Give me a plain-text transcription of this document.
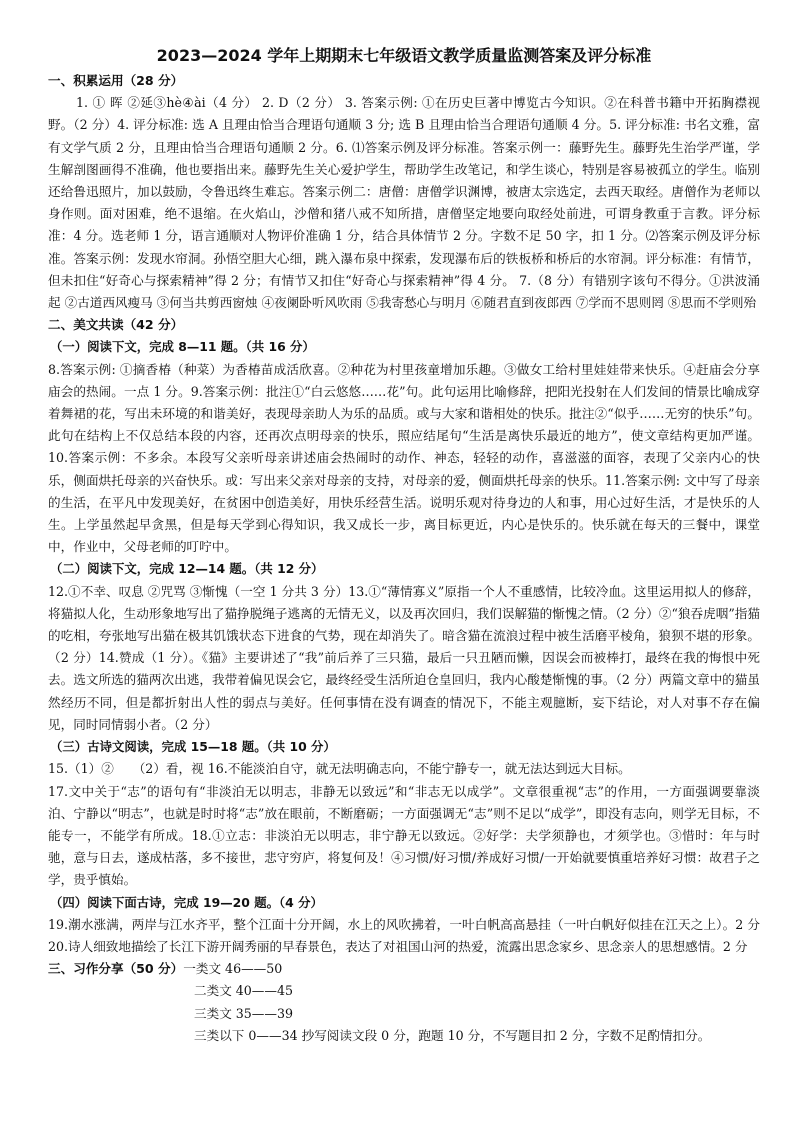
2023—2024 学年上期期末七年级语文教学质量监测答案及评分标准
一、积累运用（28 分）
1. ① 晖 ②延③hè④ài（4 分） 2. D（2 分） 3. 答案示例: ①在历史巨著中博览古今知识。②在科普书籍中开拓胸襟视野。（2 分）4. 评分标准: 选 A 且理由恰当合理语句通顺 3 分; 选 B 且理由恰当合理语句通顺 4 分。5. 评分标准: 书名文雅，富有文学气质 2 分，且理由恰当合理语句通顺 2 分。6. ⑴答案示例及评分标准。答案示例一：藤野先生。藤野先生治学严谨，学生解剖图画得不准确，他也要指出来。藤野先生关心爱护学生，帮助学生改笔记，和学生谈心，特别是容易被孤立的学生。临别还给鲁迅照片，加以鼓励，令鲁迅终生难忘。答案示例二：唐僧：唐僧学识渊博，被唐太宗选定，去西天取经。唐僧作为老师以身作则。面对困难，绝不退缩。在火焰山，沙僧和猪八戒不知所措，唐僧坚定地要向取经处前进，可谓身教重于言教。评分标准：4 分。选老师 1 分，语言通顺对人物评价准确 1 分，结合具体情节 2 分。字数不足 50 字，扣 1 分。⑵答案示例及评分标准。答案示例：发现水帘洞。孙悟空胆大心细，跳入瀑布泉中探索，发现瀑布后的铁板桥和桥后的水帘洞。评分标准：有情节，但未扣住“好奇心与探索精神”得 2 分；有情节又扣住“好奇心与探索精神”得 4 分。 7.（8 分）有错别字该句不得分。①洪波涌起 ②古道西风瘦马 ③何当共剪西窗烛 ④夜阑卧听风吹雨 ⑤我寄愁心与明月 ⑥随君直到夜郎西 ⑦学而不思则罔 ⑧思而不学则殆
二、美文共读（42 分）
（一）阅读下文，完成 8—11 题。（共 16 分）
8.答案示例: ①摘香椿（种菜）为香椿苗成活欣喜。②种花为村里孩童增加乐趣。③做女工给村里娃娃带来快乐。④赶庙会分享庙会的热闹。一点 1 分。9.答案示例：批注①“白云悠悠……花”句。此句运用比喻修辞，把阳光投射在人们发间的情景比喻成穿着舞裙的花，写出未环境的和谐美好，表现母亲助人为乐的品质。或与大家和谐相处的快乐。批注②“似乎……无穷的快乐”句。此句在结构上不仅总结本段的内容，还再次点明母亲的快乐，照应结尾句“生活是离快乐最近的地方”，使文章结构更加严谨。10.答案示例：不多余。本段写父亲听母亲讲述庙会热闹时的动作、神态，轻轻的动作，喜滋滋的面容，表现了父亲内心的快乐，侧面烘托母亲的兴奋快乐。或：写出来父亲对母亲的支持，对母亲的爱，侧面烘托母亲的快乐。11.答案示例: 文中写了母亲的生活，在平凡中发现美好，在贫困中创造美好，用快乐经营生活。说明乐观对待身边的人和事，用心过好生活，才是快乐的人生。上学虽然起早贪黑，但是每天学到心得知识，我又成长一步，离目标更近，内心是快乐的。快乐就在每天的三餐中，课堂中，作业中，父母老师的叮咛中。
（二）阅读下文，完成 12—14 题。（共 12 分）
12.①不幸、叹息 ②咒骂 ③惭愧（一空 1 分共 3 分）13.①“薄情寡义”原指一个人不重感情，比较冷血。这里运用拟人的修辞，将猫拟人化，生动形象地写出了猫挣脱绳子逃离的无情无义，以及再次回归，我们误解猫的惭愧之情。（2 分）②“狼吞虎咽”指猫的吃相，夸张地写出猫在极其饥饿状态下进食的气势，现在却消失了。暗含猫在流浪过程中被生活磨平棱角，狼狈不堪的形象。（2 分）14.赞成（1 分）。《猫》主要讲述了“我”前后养了三只猫，最后一只丑陋而懒，因误会而被棒打，最终在我的悔恨中死去。选文所选的猫两次出逃，我带着偏见误会它，最终经受生活所迫仓皇回归，我内心酸楚惭愧的事。（2 分）两篇文章中的猫虽然经历不同，但是都折射出人性的弱点与美好。任何事情在没有调查的情况下，不能主观臆断，妄下结论，对人对事不存在偏见，同时同情弱小者。（2 分）
（三）古诗文阅读，完成 15—18 题。（共 10 分）
15.（1）②　　（2）看，视 16.不能淡泊自守，就无法明确志向，不能宁静专一，就无法达到远大目标。
17.文中关于“志”的语句有“非淡泊无以明志，非静无以致远”和“非志无以成学”。文章很重视“志”的作用，一方面强调要靠淡泊、宁静以“明志”，也就是时时将“志”放在眼前，不断磨砺；一方面强调无“志”则不足以“成学”，即没有志向，则学无目标，不能专一，不能学有所成。18.①立志：非淡泊无以明志，非宁静无以致远。②好学：夫学须静也，才须学也。③惜时：年与时驰，意与日去，遂成枯落，多不接世，悲守穷庐，将复何及！④习惯/好习惯/养成好习惯/一开始就要慎重培养好习惯：故君子之学，贵乎慎始。
（四）阅读下面古诗，完成 19—20 题。（4 分）
19.潮水涨满，两岸与江水齐平，整个江面十分开阔，水上的风吹拂着，一叶白帆高高悬挂（一叶白帆好似挂在江天之上）。2 分 20.诗人细致地描绘了长江下游开阔秀丽的早春景色，表达了对祖国山河的热爱，流露出思念家乡、思念亲人的思想感情。2 分
三、习作分享（50 分） 一类文 46——50
二类文 40——45
三类文 35——39
三类以下 0——34 抄写阅读文段 0 分，跑题 10 分，不写题目扣 2 分，字数不足酌情扣分。
